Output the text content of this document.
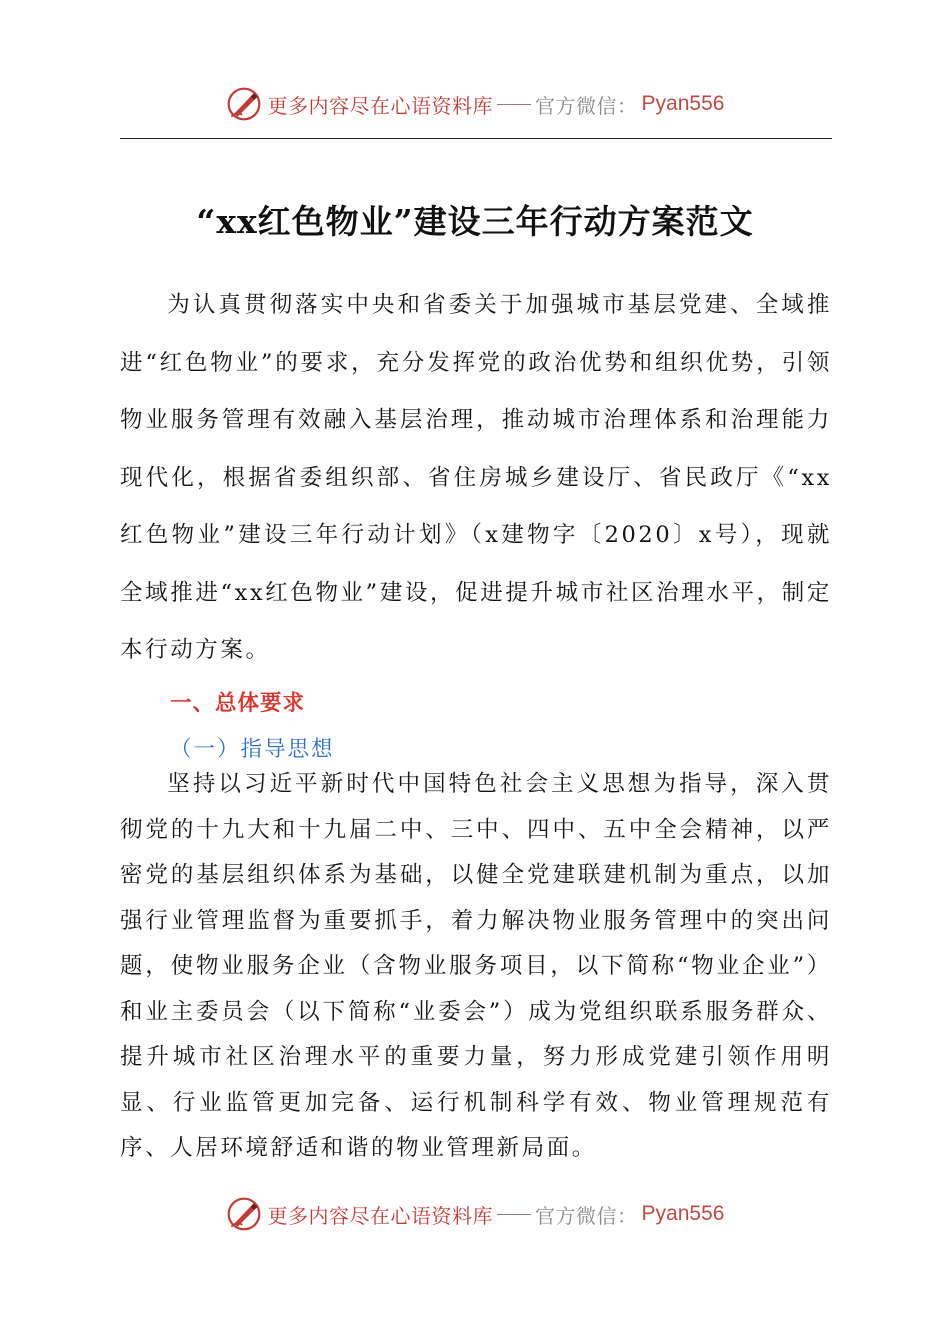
更多内容尽在心语资料库 官方微信： Pyan556
“xx红色物业”建设三年行动方案范文

为认真贯彻落实中央和省委关于加强城市基层党建、全域推进“红色物业”的要求，充分发挥党的政治优势和组织优势，引领物业服务管理有效融入基层治理，推动城市治理体系和治理能力现代化，根据省委组织部、省住房城乡建设厅、省民政厅《“xx红色物业”建设三年行动计划》（x建物字〔2020〕x号），现就全域推进“xx红色物业”建设，促进提升城市社区治理水平，制定本行动方案。

一、总体要求
（一）指导思想

坚持以习近平新时代中国特色社会主义思想为指导，深入贯彻党的十九大和十九届二中、三中、四中、五中全会精神，以严密党的基层组织体系为基础，以健全党建联建机制为重点，以加强行业管理监督为重要抓手，着力解决物业服务管理中的突出问题，使物业服务企业（含物业服务项目，以下简称“物业企业”）和业主委员会（以下简称“业委会”）成为党组织联系服务群众、提升城市社区治理水平的重要力量，努力形成党建引领作用明显、行业监管更加完备、运行机制科学有效、物业管理规范有序、人居环境舒适和谐的物业管理新局面。

更多内容尽在心语资料库 官方微信： Pyan556
